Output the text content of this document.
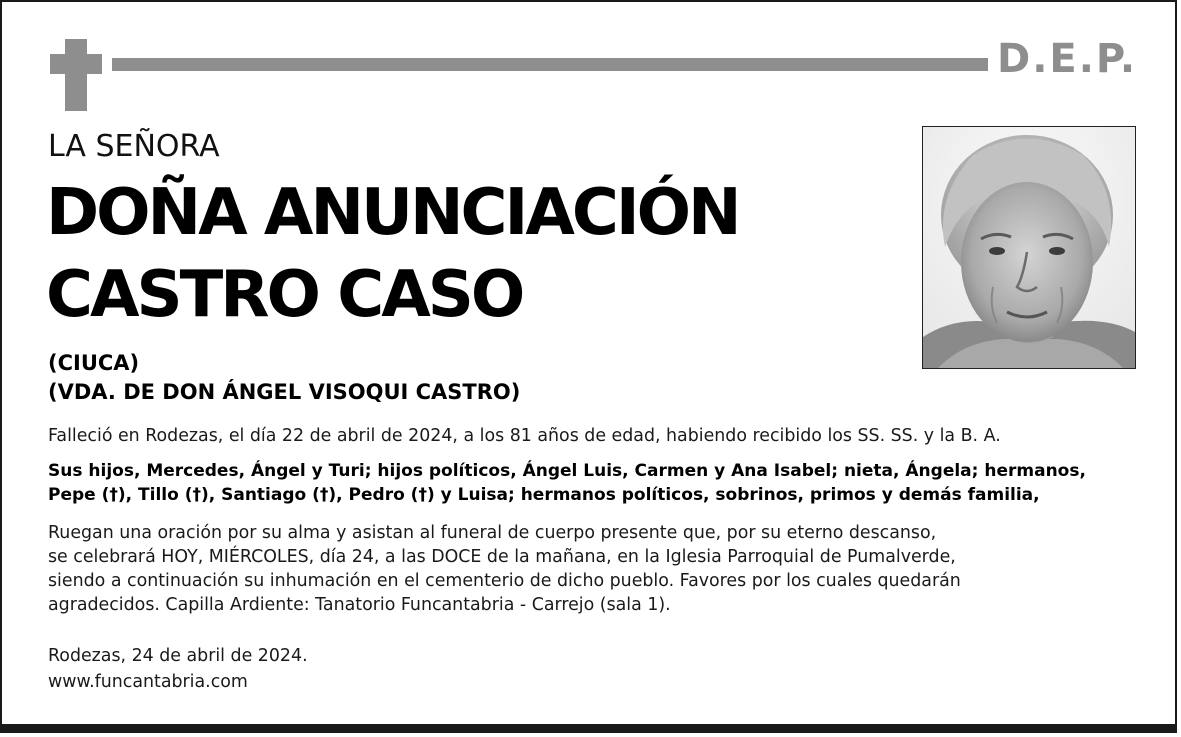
D.E.P.
LA SEÑORA
DOÑA ANUNCIACIÓN
CASTRO CASO
(CIUCA)
(VDA. DE DON ÁNGEL VISOQUI CASTRO)
Falleció en Rodezas, el día 22 de abril de 2024, a los 81 años de edad, habiendo recibido los SS. SS. y la B. A.
Sus hijos, Mercedes, Ángel y Turi; hijos políticos, Ángel Luis, Carmen y Ana Isabel; nieta, Ángela; hermanos,
Pepe (†), Tillo (†), Santiago (†), Pedro (†) y Luisa; hermanos políticos, sobrinos, primos y demás familia,
Ruegan una oración por su alma y asistan al funeral de cuerpo presente que, por su eterno descanso,
se celebrará HOY, MIÉRCOLES, día 24, a las DOCE de la mañana, en la Iglesia Parroquial de Pumalverde,
siendo a continuación su inhumación en el cementerio de dicho pueblo. Favores por los cuales quedarán
agradecidos. Capilla Ardiente: Tanatorio Funcantabria - Carrejo (sala 1).
Rodezas, 24 de abril de 2024.
www.funcantabria.com
